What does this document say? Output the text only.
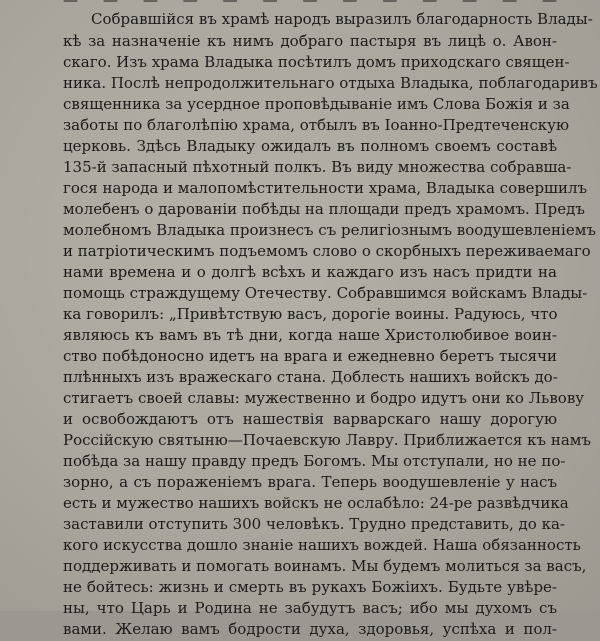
— — — — — — — — — — — — —
Собравшійся въ храмѣ народъ выразилъ благодарность Влады-
кѣ за назначеніе къ нимъ добраго пастыря въ лицѣ о. Авон-
скаго. Изъ храма Владыка посѣтилъ домъ приходскаго священ-
ника. Послѣ непродолжительнаго отдыха Владыка, поблагодаривъ
священника за усердное проповѣдываніе имъ Слова Божія и за
заботы по благолѣпію храма, отбылъ въ Іоанно-Предтеченскую
церковь. Здѣсь Владыку ожидалъ въ полномъ своемъ составѣ
135-й запасный пѣхотный полкъ. Въ виду множества собравша-
гося народа и малопомѣстительности храма, Владыка совершилъ
молебенъ о дарованіи побѣды на площади предъ храмомъ. Предъ
молебномъ Владыка произнесъ съ религіознымъ воодушевленіемъ
и патріотическимъ подъемомъ слово о скорбныхъ переживаемаго
нами времена и о долгѣ всѣхъ и каждаго изъ насъ придти на
помощь страждущему Отечеству. Собравшимся войскамъ Влады-
ка говорилъ: „Привѣтствую васъ, дорогіе воины. Радуюсь, что
являюсь къ вамъ въ тѣ дни, когда наше Христолюбивое воин-
ство побѣдоносно идетъ на врага и ежедневно беретъ тысячи
плѣнныхъ изъ вражескаго стана. Доблесть нашихъ войскъ до-
стигаетъ своей славы: мужественно и бодро идутъ они ко Львову
и освобождаютъ отъ нашествія варварскаго нашу дорогую
Россійскую святыню—Почаевскую Лавру. Приближается къ намъ
побѣда за нашу правду предъ Богомъ. Мы отступали, но не по-
зорно, а съ пораженіемъ врага. Теперь воодушевленіе у насъ
есть и мужество нашихъ войскъ не ослабѣло: 24-ре развѣдчика
заставили отступить 300 человѣкъ. Трудно представить, до ка-
кого искусства дошло знаніе нашихъ вождей. Наша обязанность
поддерживать и помогать воинамъ. Мы будемъ молиться за васъ,
не бойтесь: жизнь и смерть въ рукахъ Божіихъ. Будьте увѣре-
ны, что Царь и Родина не забудутъ васъ; ибо мы духомъ съ
вами. Желаю вамъ бодрости духа, здоровья, успѣха и пол-
